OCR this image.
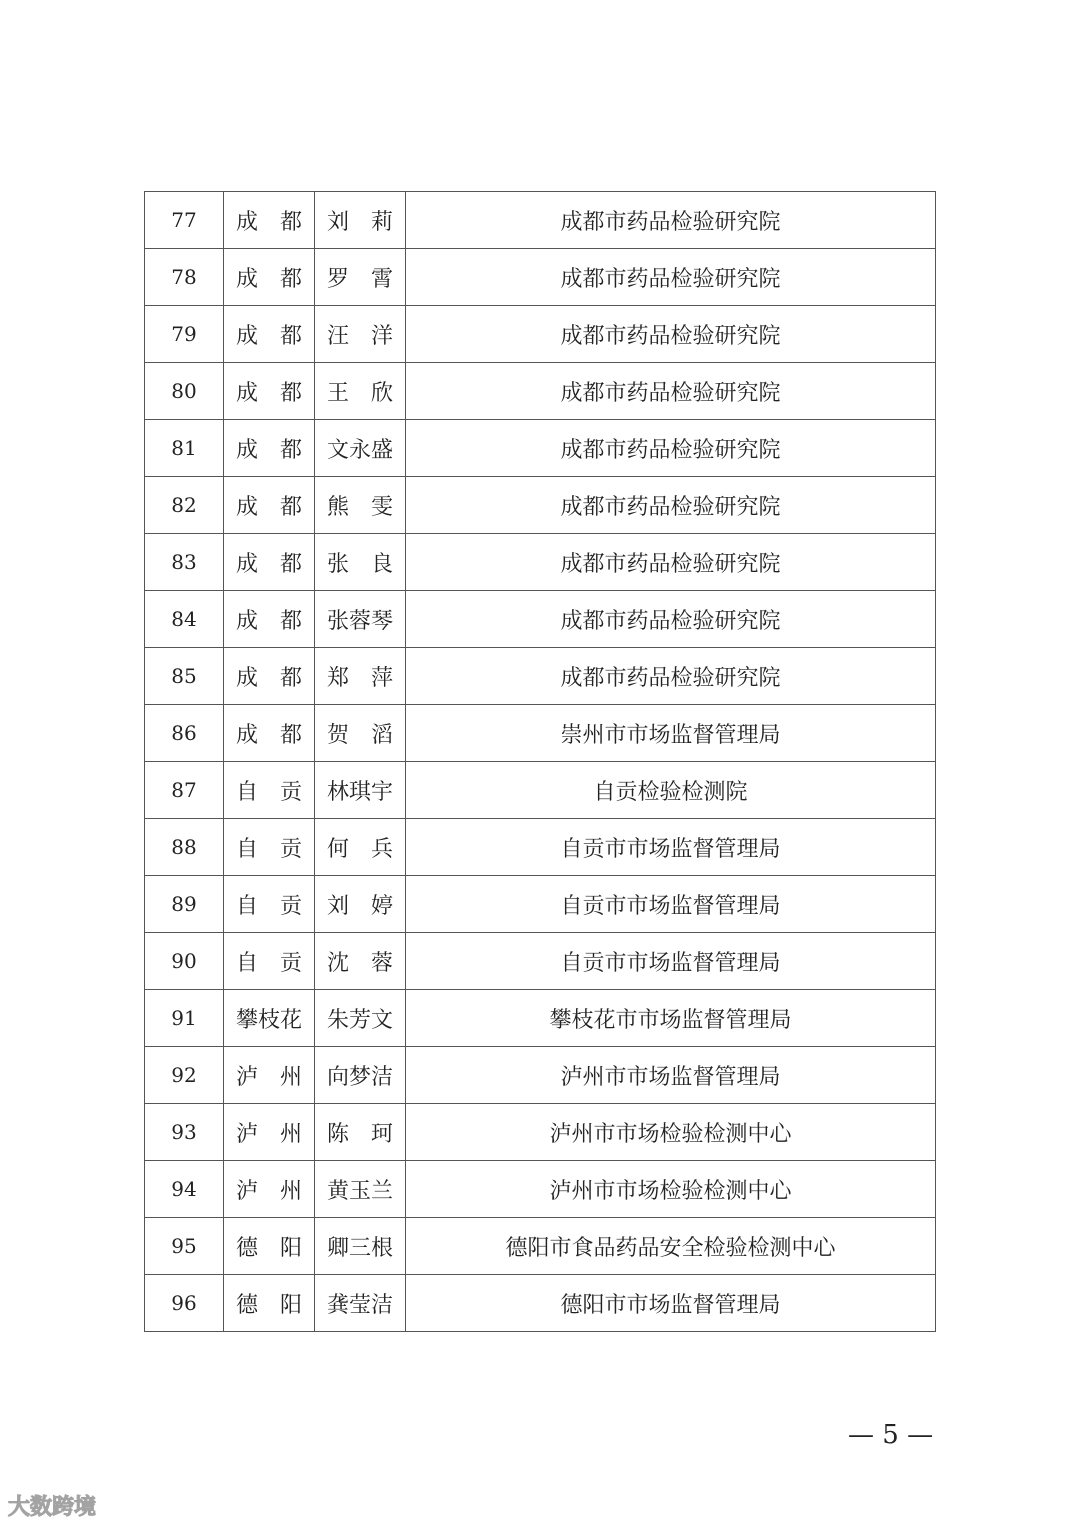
77	成都	刘莉	成都市药品检验研究院
78	成都	罗霄	成都市药品检验研究院
79	成都	汪洋	成都市药品检验研究院
80	成都	王欣	成都市药品检验研究院
81	成都	文永盛	成都市药品检验研究院
82	成都	熊雯	成都市药品检验研究院
83	成都	张良	成都市药品检验研究院
84	成都	张蓉琴	成都市药品检验研究院
85	成都	郑萍	成都市药品检验研究院
86	成都	贺滔	崇州市市场监督管理局
87	自贡	林琪宇	自贡检验检测院
88	自贡	何兵	自贡市市场监督管理局
89	自贡	刘婷	自贡市市场监督管理局
90	自贡	沈蓉	自贡市市场监督管理局
91	攀枝花	朱芳文	攀枝花市市场监督管理局
92	泸州	向梦洁	泸州市市场监督管理局
93	泸州	陈珂	泸州市市场检验检测中心
94	泸州	黄玉兰	泸州市市场检验检测中心
95	德阳	卿三根	德阳市食品药品安全检验检测中心
96	德阳	龚莹洁	德阳市市场监督管理局
— 5 —
大数跨境
